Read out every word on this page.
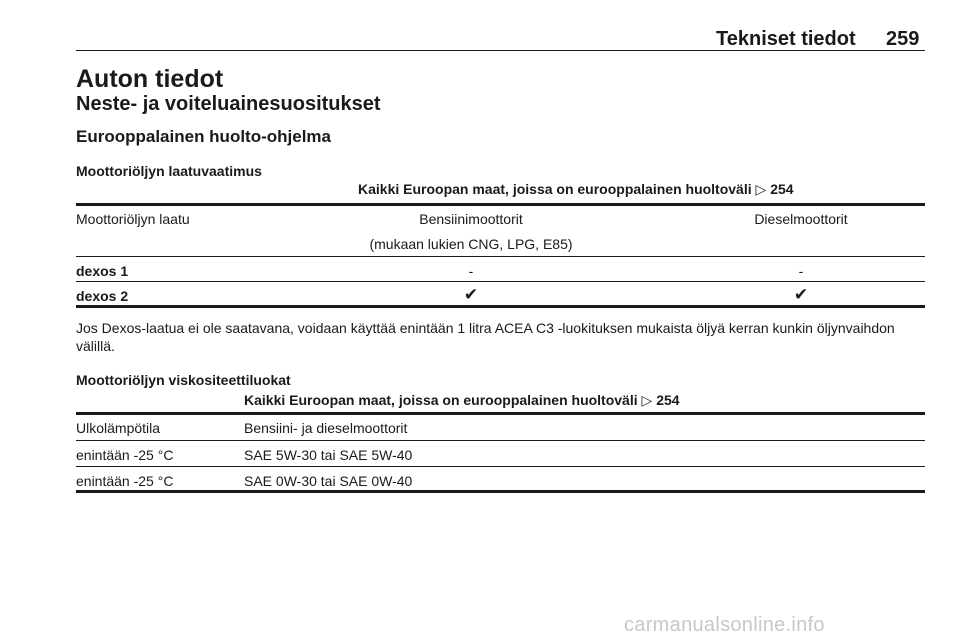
Tekniset tiedot 259
Auton tiedot
Neste- ja voiteluainesuositukset
Eurooppalainen huolto-ohjelma
Moottoriöljyn laatuvaatimus
Kaikki Euroopan maat, joissa on eurooppalainen huoltoväli ▷ 254
Moottoriöljyn laatu	Bensiinimoottorit	Dieselmoottorit
(mukaan lukien CNG, LPG, E85)
dexos 1	-	-
dexos 2	✔	✔
Jos Dexos-laatua ei ole saatavana, voidaan käyttää enintään 1 litra ACEA C3 -luokituksen mukaista öljyä kerran kunkin öljynvaihdon välillä.
Moottoriöljyn viskositeettiluokat
Kaikki Euroopan maat, joissa on eurooppalainen huoltoväli ▷ 254
Ulkolämpötila	Bensiini- ja dieselmoottorit
enintään -25 °C	SAE 5W-30 tai SAE 5W-40
enintään -25 °C	SAE 0W-30 tai SAE 0W-40
carmanualsonline.info
